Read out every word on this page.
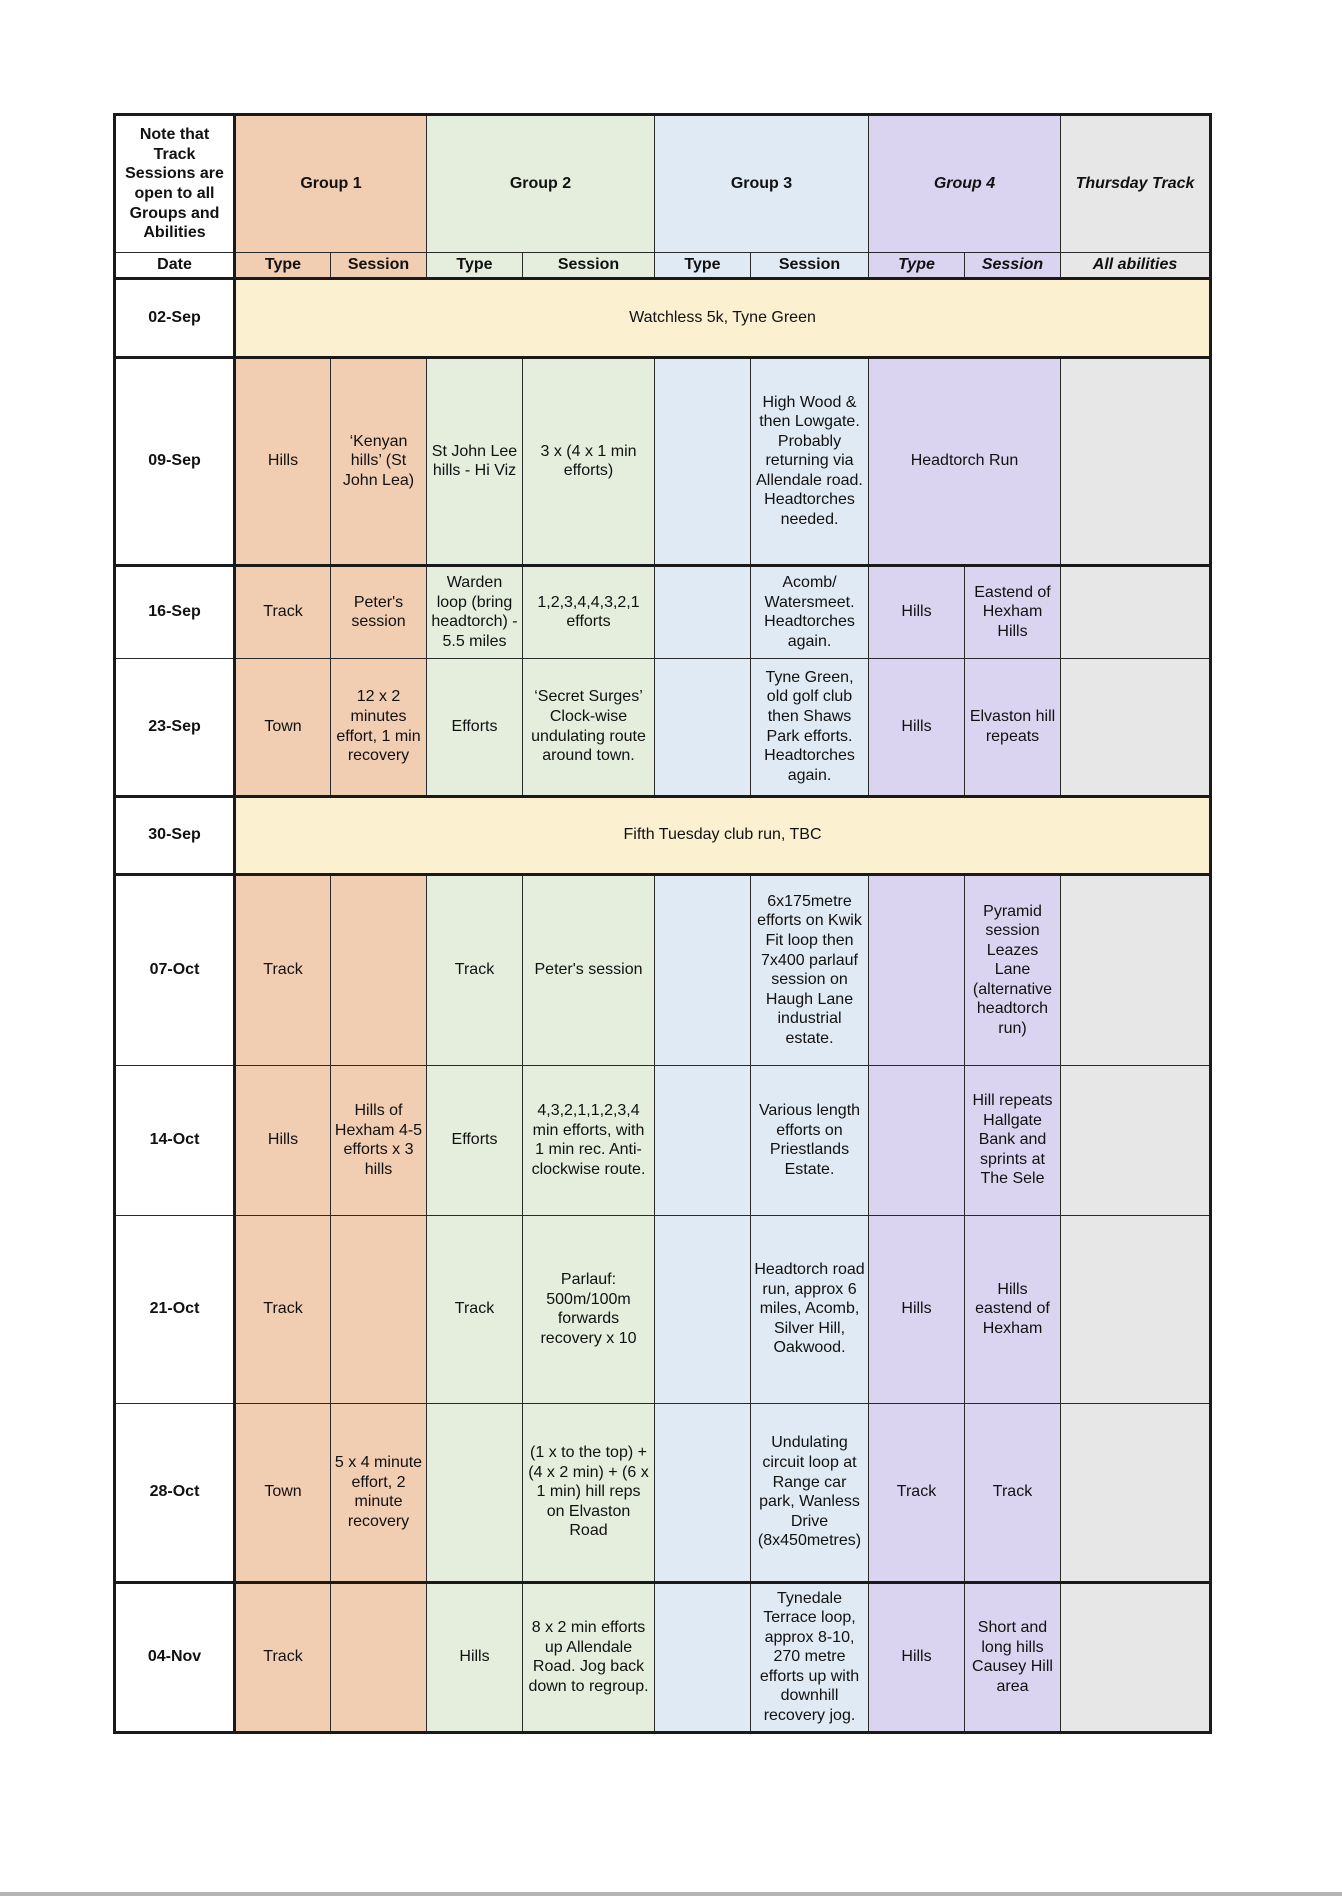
Note that Track Sessions are open to all Groups and Abilities	Group 1		Group 2		Group 3		Group 4		Thursday Track
Date	Type	Session	Type	Session	Type	Session	Type	Session	All abilities
02-Sep	Watchless 5k, Tyne Green								
09-Sep	Hills	‘Kenyan hills’ (St John Lea)	St John Lee hills - Hi Viz	3 x (4 x 1 min efforts)		High Wood & then Lowgate. Probably returning via Allendale road. Headtorches needed.	Headtorch Run		
16-Sep	Track	Peter's session	Warden loop (bring headtorch) - 5.5 miles	1,2,3,4,4,3,2,1 efforts		Acomb/ Watersmeet. Headtorches again.	Hills	Eastend of Hexham Hills	
23-Sep	Town	12 x 2 minutes effort, 1 min recovery	Efforts	‘Secret Surges’ Clock-wise undulating route around town.		Tyne Green, old golf club then Shaws Park efforts. Headtorches again.	Hills	Elvaston hill repeats	
30-Sep	Fifth Tuesday club run, TBC								
07-Oct	Track		Track	Peter's session		6x175metre efforts on Kwik Fit loop then 7x400 parlauf session on Haugh Lane industrial estate.		Pyramid session Leazes Lane (alternative headtorch run)	
14-Oct	Hills	Hills of Hexham 4-5 efforts x 3 hills	Efforts	4,3,2,1,1,2,3,4 min efforts, with 1 min rec. Anti-clockwise route.		Various length efforts on Priestlands Estate.		Hill repeats Hallgate Bank and sprints at The Sele	
21-Oct	Track		Track	Parlauf: 500m/100m forwards recovery x 10		Headtorch road run, approx 6 miles, Acomb, Silver Hill, Oakwood.	Hills	Hills eastend of Hexham	
28-Oct	Town	5 x 4 minute effort, 2 minute recovery		(1 x to the top) + (4 x 2 min) + (6 x 1 min) hill reps on Elvaston Road		Undulating circuit loop at Range car park, Wanless Drive (8x450metres)	Track	Track	
04-Nov	Track		Hills	8 x 2 min efforts up Allendale Road. Jog back down to regroup.		Tynedale Terrace loop, approx 8-10, 270 metre efforts up with downhill recovery jog.	Hills	Short and long hills Causey Hill area	
